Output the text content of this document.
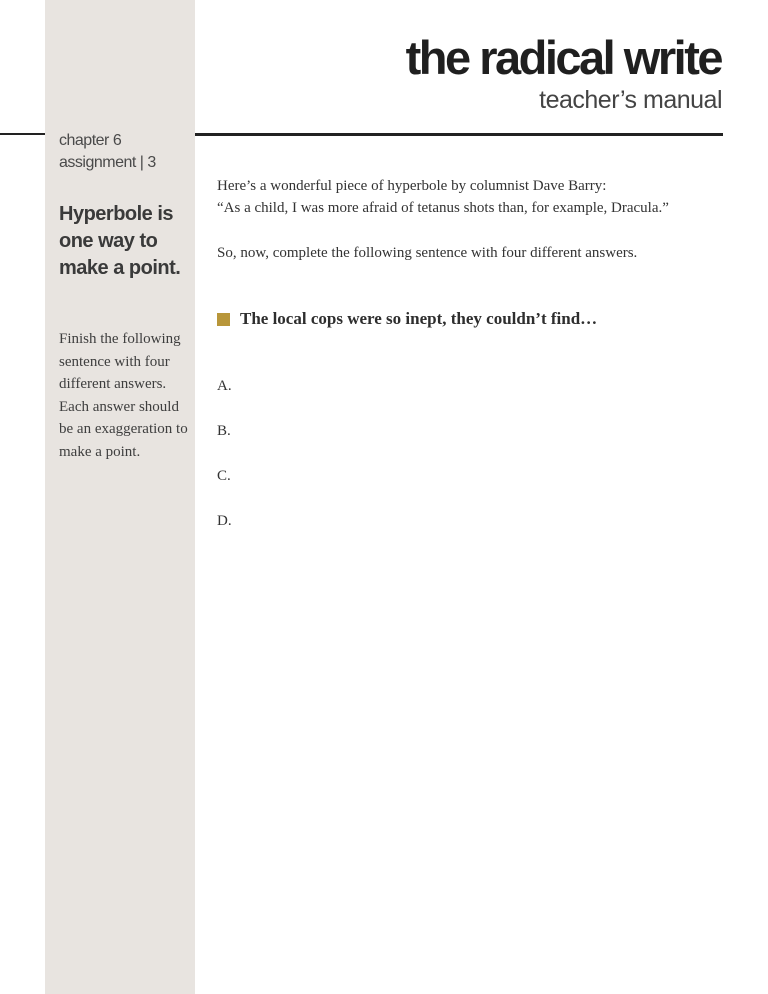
the radical write
teacher’s manual
chapter 6
assignment | 3
Hyperbole is one way to make a point.

Finish the following sentence with four different answers. Each answer should be an exaggeration to make a point.

Here’s a wonderful piece of hyperbole by columnist Dave Barry:
“As a child, I was more afraid of tetanus shots than, for example, Dracula.”

So, now, complete the following sentence with four different answers.

The local cops were so inept, they couldn’t find…
A.
B.
C.
D.
